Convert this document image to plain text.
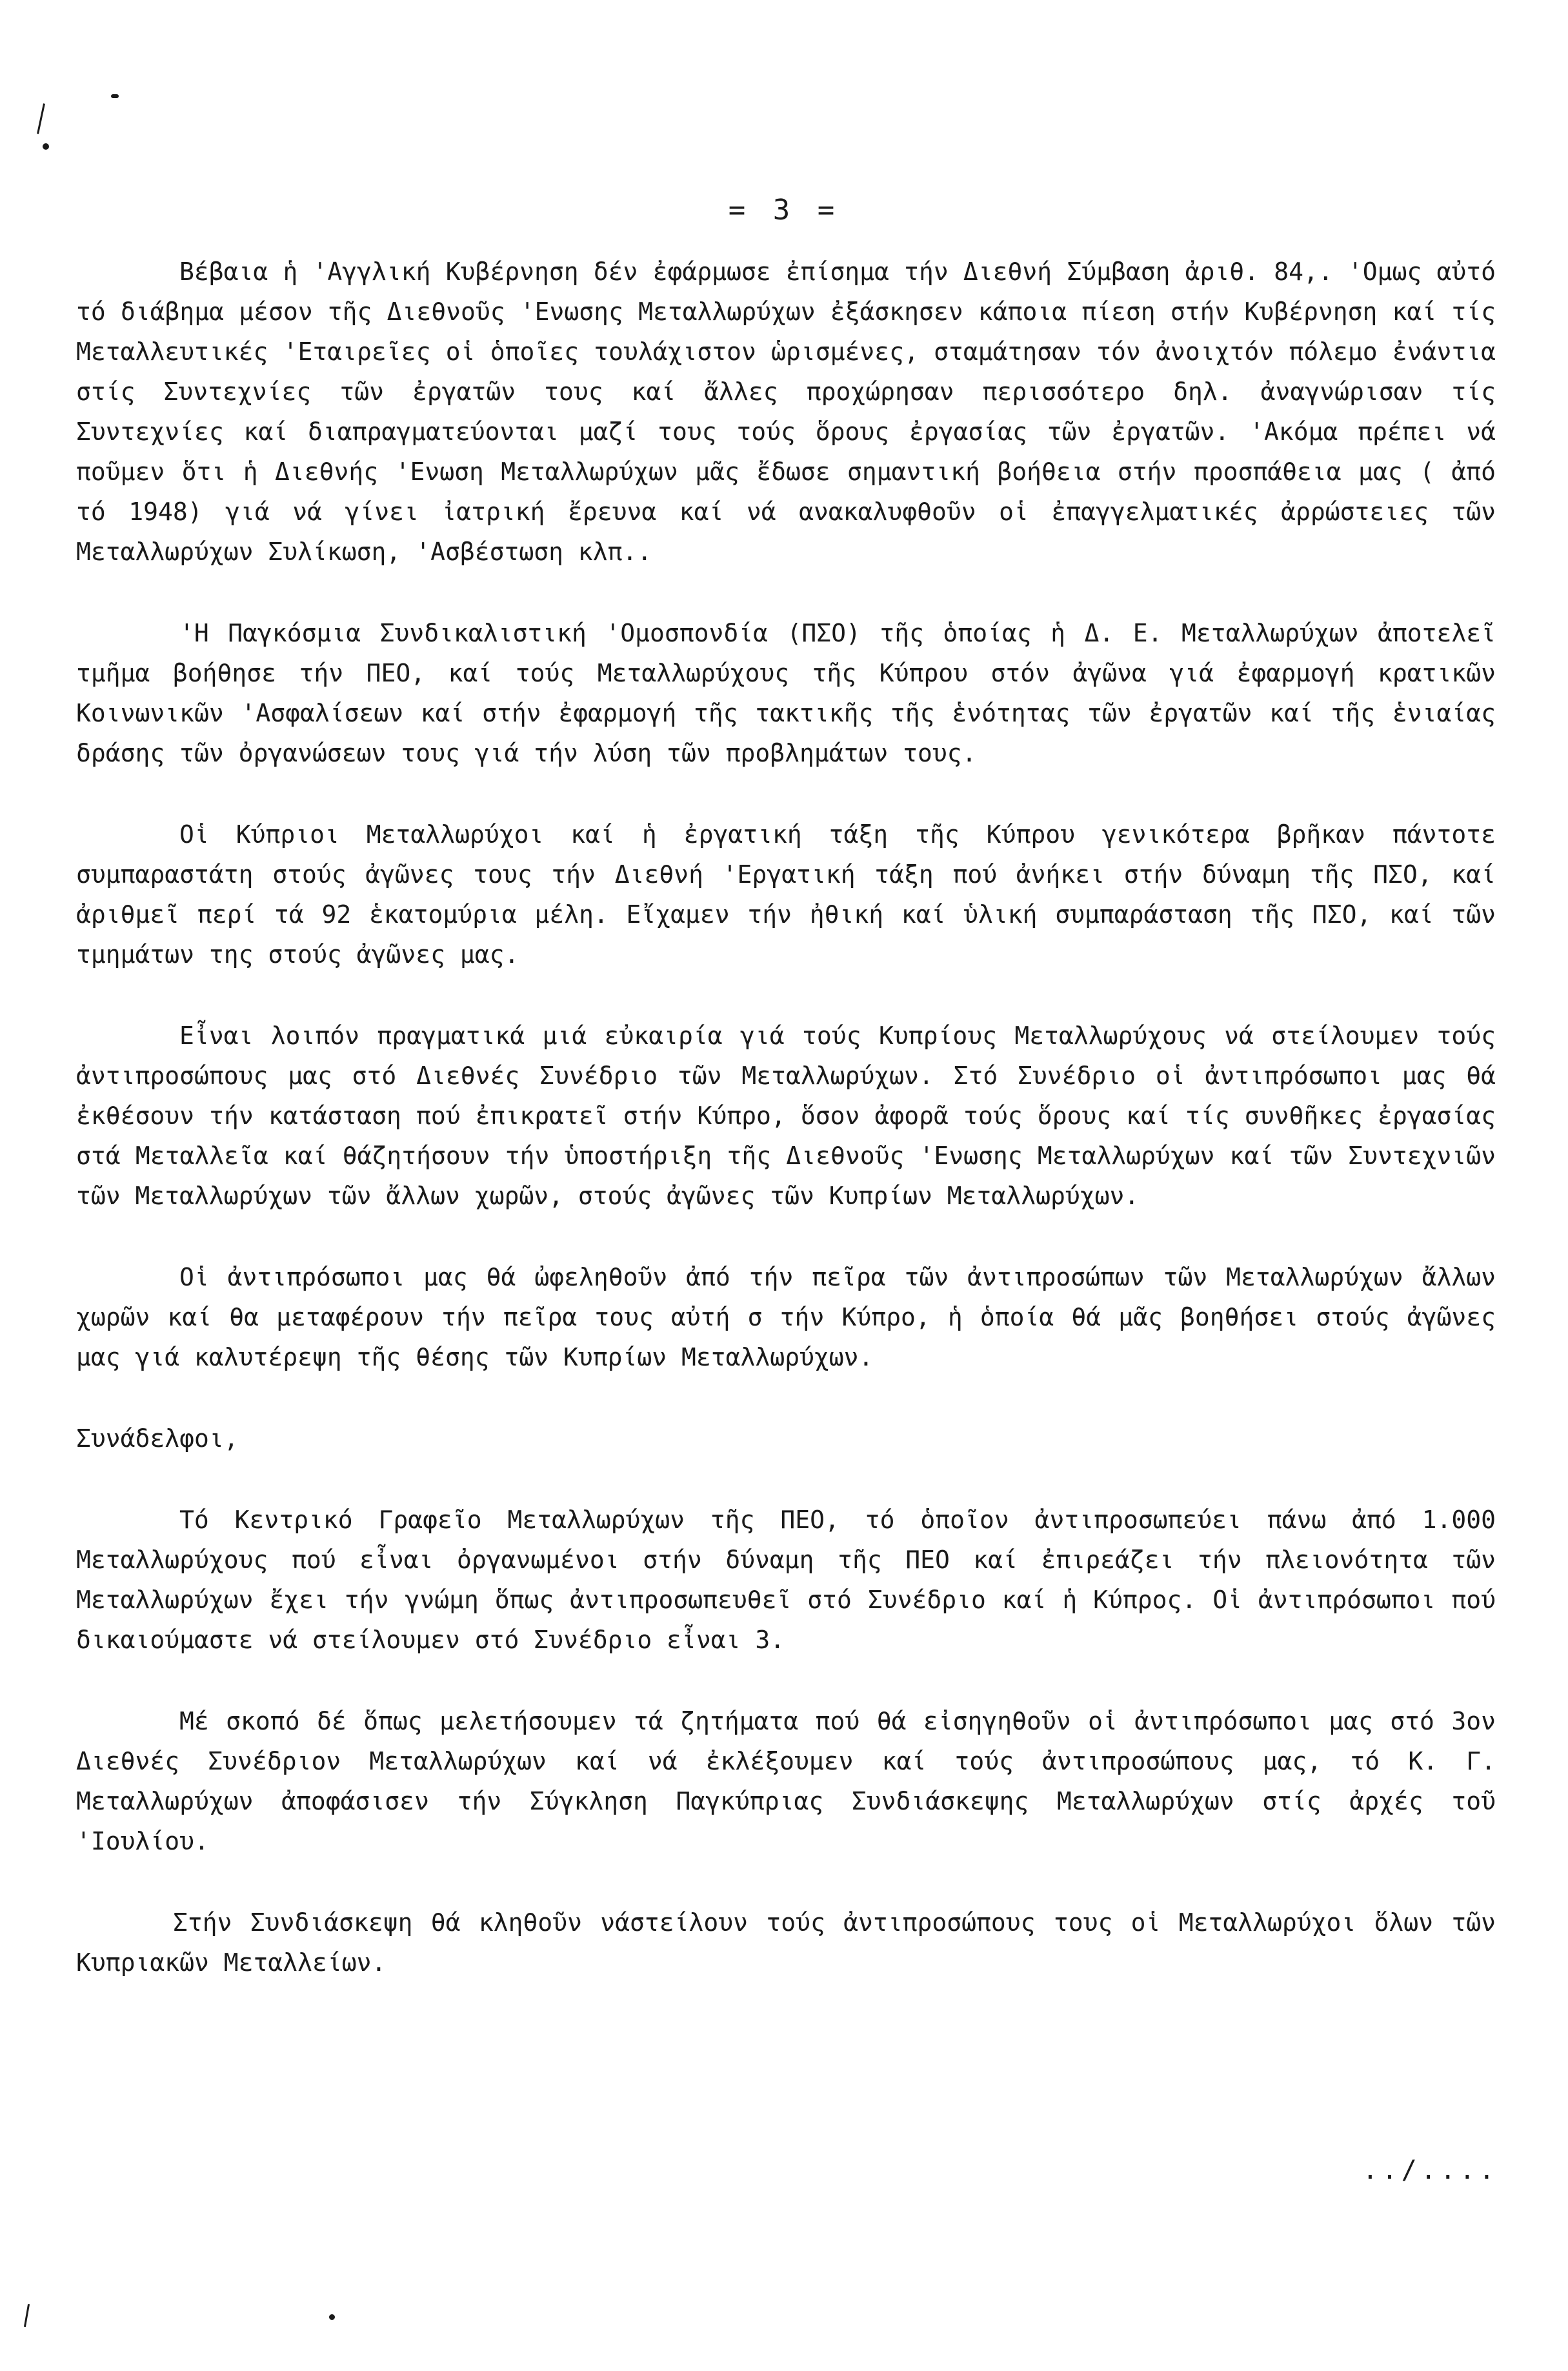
= 3 =

Βέβαια ἡ 'Αγγλική Κυβέρνηση δέν ἐφάρμωσε ἐπίσημα τήν Διεθνή Σύμβαση ἀριθ. 84,. 'Ομως αὐτό τό διάβημα μέσον τῆς Διεθνοῦς 'Ενωσης Μεταλλωρύχων ἐξάσκησεν κάποια πίεση στήν Κυβέρνηση καί τίς Μεταλλευτικές 'Εταιρεῖες οἱ ὁποῖες τουλάχιστον ὡρισμένες, σταμάτησαν τόν ἀνοιχτόν πόλεμο ἐνάντια στίς Συντεχνίες τῶν ἐργατῶν τους καί ἄλλες προχώρησαν περισσότερο δηλ. ἀναγνώρισαν τίς Συντεχνίες καί διαπραγματεύονται μαζί τους τούς ὅρους ἐργασίας τῶν ἐργατῶν. 'Ακόμα πρέπει νά ποῦμεν ὅτι ἡ Διεθνής 'Ενωση Μεταλλωρύχων μᾶς ἔδωσε σημαντική βοήθεια στήν προσπάθεια μας ( ἀπό τό 1948) γιά νά γίνει ἰατρική ἔρευνα καί νά ανακαλυφθοῦν οἱ ἐπαγγελματικές ἀρρώστειες τῶν Μεταλλωρύχων Συλίκωση, 'Ασβέστωση κλπ..

'Η Παγκόσμια Συνδικαλιστική 'Ομοσπονδία (ΠΣΟ) τῆς ὁποίας ἡ Δ. Ε. Μεταλλωρύχων ἀποτελεῖ τμῆμα βοήθησε τήν ΠΕΟ, καί τούς Μεταλλωρύχους τῆς Κύπρου στόν ἀγῶνα γιά ἐφαρμογή κρατικῶν Κοινωνικῶν 'Ασφαλίσεων καί στήν ἐφαρμογή τῆς τακτικῆς τῆς ἑνότητας τῶν ἐργατῶν καί τῆς ἑνιαίας δράσης τῶν ὀργανώσεων τους γιά τήν λύση τῶν προβλημάτων τους.

Οἱ Κύπριοι Μεταλλωρύχοι καί ἡ ἐργατική τάξη τῆς Κύπρου γενικότερα βρῆκαν πάντοτε συμπαραστάτη στούς ἀγῶνες τους τήν Διεθνή 'Εργατική τάξη πού ἀνήκει στήν δύναμη τῆς ΠΣΟ, καί ἀριθμεῖ περί τά 92 ἑκατομύρια μέλη. Εἴχαμεν τήν ἠθική καί ὑλική συμπαράσταση τῆς ΠΣΟ, καί τῶν τμημάτων της στούς ἀγῶνες μας.

Εἶναι λοιπόν πραγματικά μιά εὐκαιρία γιά τούς Κυπρίους Μεταλλωρύχους νά στείλουμεν τούς ἀντιπροσώπους μας στό Διεθνές Συνέδριο τῶν Μεταλλωρύχων. Στό Συνέδριο οἱ ἀντιπρόσωποι μας θά ἐκθέσουν τήν κατάσταση πού ἐπικρατεῖ στήν Κύπρο, ὅσον ἀφορᾶ τούς ὅρους καί τίς συνθῆκες ἐργασίας στά Μεταλλεῖα καί θάζητήσουν τήν ὑποστήριξη τῆς Διεθνοῦς 'Ενωσης Μεταλλωρύχων καί τῶν Συντεχνιῶν τῶν Μεταλλωρύχων τῶν ἄλλων χωρῶν, στούς ἀγῶνες τῶν Κυπρίων Μεταλλωρύχων.

Οἱ ἀντιπρόσωποι μας θά ὠφεληθοῦν ἀπό τήν πεῖρα τῶν ἀντιπροσώπων τῶν Μεταλλωρύχων ἄλλων χωρῶν καί θα μεταφέρουν τήν πεῖρα τους αὐτή σ τήν Κύπρο, ἡ ὁποία θά μᾶς βοηθήσει στούς ἀγῶνες μας γιά καλυτέρεψη τῆς θέσης τῶν Κυπρίων Μεταλλωρύχων.

Συνάδελφοι,

Τό Κεντρικό Γραφεῖο Μεταλλωρύχων τῆς ΠΕΟ, τό ὁποῖον ἀντιπροσωπεύει πάνω ἀπό 1.000 Μεταλλωρύχους πού εἶναι ὀργανωμένοι στήν δύναμη τῆς ΠΕΟ καί ἐπιρεάζει τήν πλειονότητα τῶν Μεταλλωρύχων ἔχει τήν γνώμη ὅπως ἀντιπροσωπευθεῖ στό Συνέδριο καί ἡ Κύπρος. Οἱ ἀντιπρόσωποι πού δικαιούμαστε νά στείλουμεν στό Συνέδριο εἶναι 3.

Μέ σκοπό δέ ὅπως μελετήσουμεν τά ζητήματα πού θά εἰσηγηθοῦν οἱ ἀντιπρόσωποι μας στό 3ον Διεθνές Συνέδριον Μεταλλωρύχων καί νά ἐκλέξουμεν καί τούς ἀντιπροσώπους μας, τό Κ. Γ. Μεταλλωρύχων ἀποφάσισεν τήν Σύγκληση Παγκύπριας Συνδιάσκεψης Μεταλλωρύχων στίς ἀρχές τοῦ 'Ιουλίου.

Στήν Συνδιάσκεψη θά κληθοῦν νάστείλουν τούς ἀντιπροσώπους τους οἱ Μεταλλωρύχοι ὅλων τῶν Κυπριακῶν Μεταλλείων.

../....
